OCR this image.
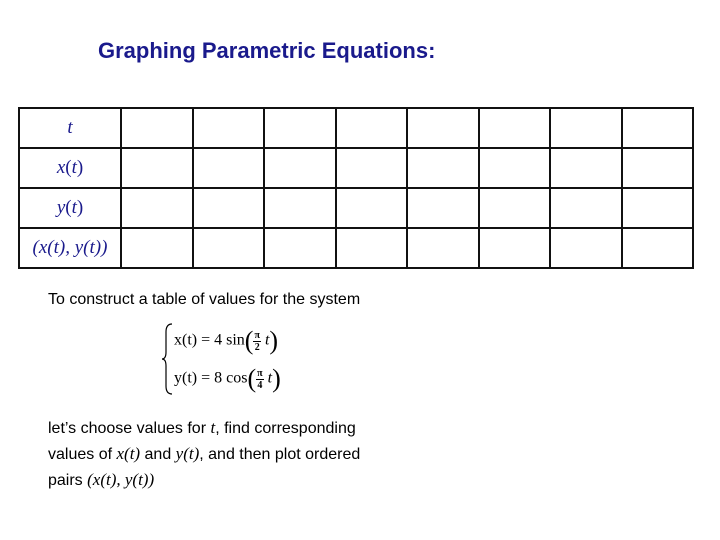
Graphing Parametric Equations:
t								
x(t)								
y(t)								
(x(t), y(t))								
To construct a table of values for the system
x(t) = 4 $\sin( \frac{\pi}{2} t)$
y(t) = 8 $\cos( \frac{\pi}{4} t)$
let’s choose values for t, find corresponding
values of x(t) and y(t), and then plot ordered
pairs (x(t), y(t))
